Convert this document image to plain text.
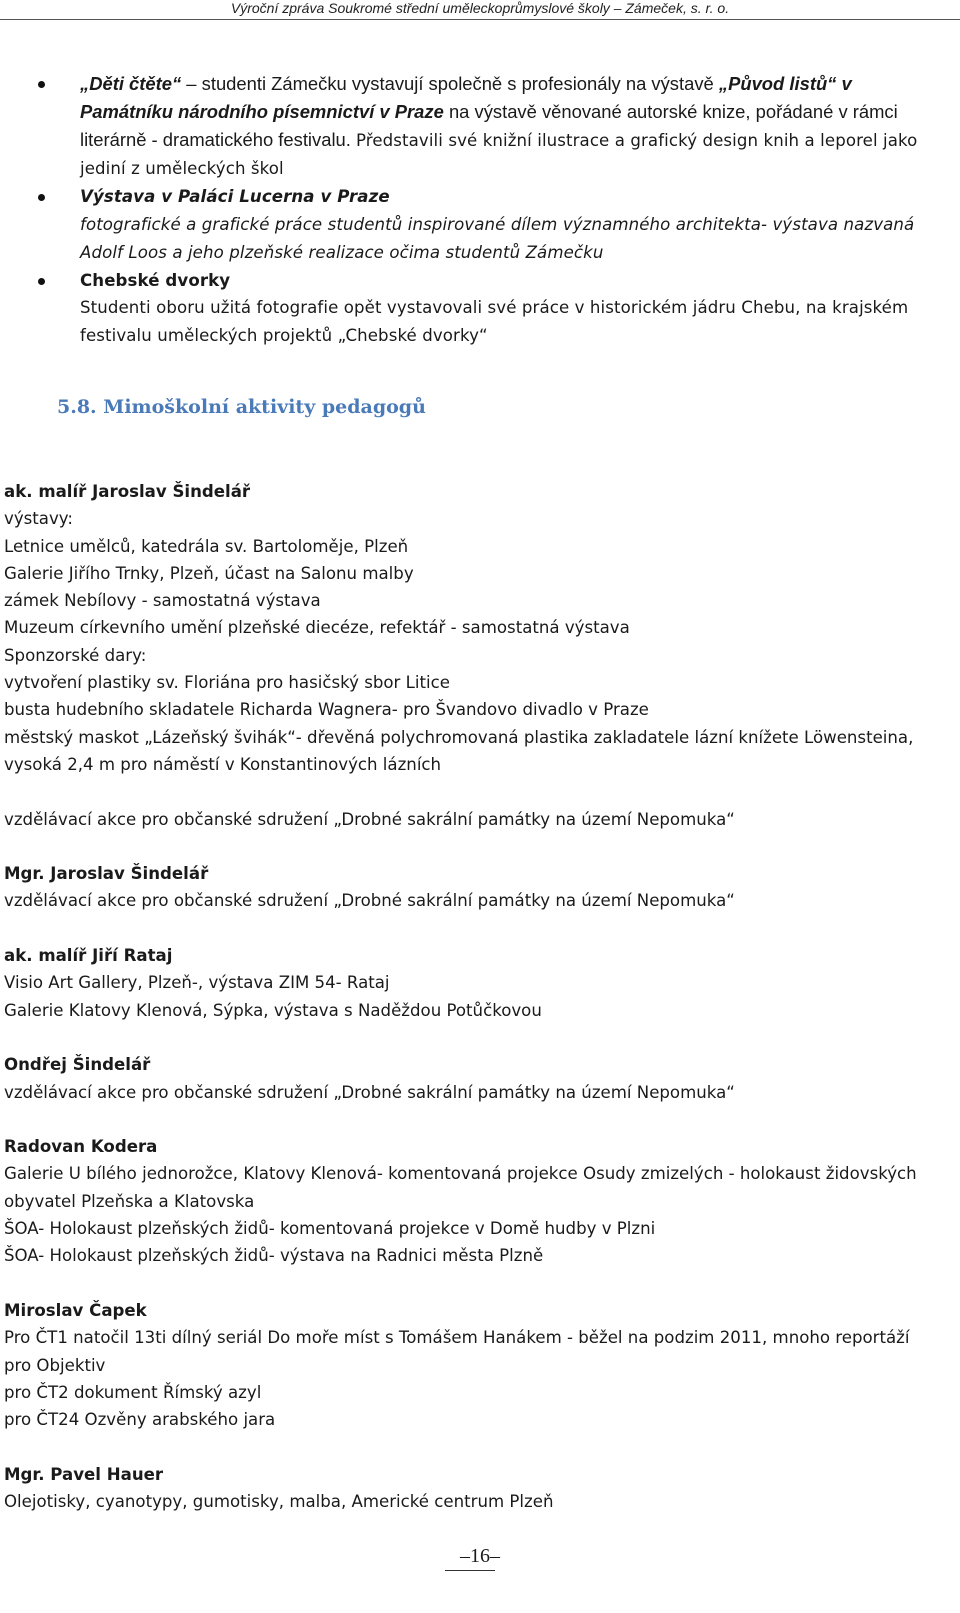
Výroční zpráva Soukromé střední uměleckoprůmyslové školy – Zámeček, s. r. o.
„Děti čtěte“ – studenti Zámečku vystavují společně s profesionály na výstavě „Původ listů“ v Památníku národního písemnictví v Praze na výstavě věnované autorské knize, pořádané v rámci literárně - dramatického festivalu. Představili své knižní ilustrace a grafický design knih a leporel jako jediní z uměleckých škol
Výstava v Paláci Lucerna v Praze
fotografické a grafické práce studentů inspirované dílem významného architekta- výstava nazvaná Adolf Loos a jeho plzeňské realizace očima studentů Zámečku
Chebské dvorky
Studenti oboru užitá fotografie opět vystavovali své práce v historickém jádru Chebu, na krajském festivalu uměleckých projektů „Chebské dvorky“
5.8. Mimoškolní aktivity pedagogů

ak. malíř Jaroslav Šindelář

výstavy:

Letnice umělců, katedrála sv. Bartoloměje, Plzeň

Galerie Jiřího Trnky, Plzeň, účast na Salonu malby

zámek Nebílovy - samostatná výstava

Muzeum církevního umění plzeňské diecéze, refektář - samostatná výstava

Sponzorské dary:

vytvoření plastiky sv. Floriána pro hasičský sbor Litice

busta hudebního skladatele Richarda Wagnera- pro Švandovo divadlo v Praze

městský maskot „Lázeňský švihák“- dřevěná polychromovaná plastika zakladatele lázní knížete Löwensteina, vysoká 2,4 m pro náměstí v Konstantinových lázních

vzdělávací akce pro občanské sdružení „Drobné sakrální památky na území Nepomuka“

Mgr. Jaroslav Šindelář

vzdělávací akce pro občanské sdružení „Drobné sakrální památky na území Nepomuka“

ak. malíř Jiří Rataj

Visio Art Gallery, Plzeň-, výstava ZIM 54- Rataj

Galerie Klatovy Klenová, Sýpka, výstava s Naděždou Potůčkovou

Ondřej Šindelář

vzdělávací akce pro občanské sdružení „Drobné sakrální památky na území Nepomuka“

Radovan Kodera

Galerie U bílého jednorožce, Klatovy Klenová- komentovaná projekce Osudy zmizelých - holokaust židovských obyvatel Plzeňska a Klatovska

ŠOA- Holokaust plzeňských židů- komentovaná projekce v Domě hudby v Plzni

ŠOA- Holokaust plzeňských židů- výstava na Radnici města Plzně

Miroslav Čapek

Pro ČT1 natočil 13ti dílný seriál Do moře míst s Tomášem Hanákem - běžel na podzim 2011, mnoho reportáží pro Objektiv

pro ČT2 dokument Římský azyl

pro ČT24 Ozvěny arabského jara

Mgr. Pavel Hauer

Olejotisky, cyanotypy, gumotisky, malba, Americké centrum Plzeň

–16–
